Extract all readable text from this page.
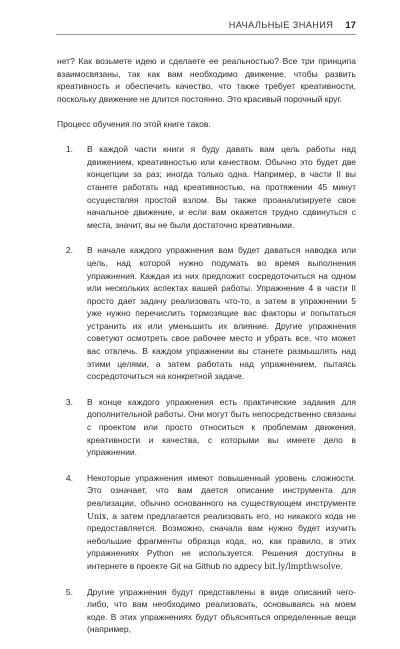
НАЧАЛЬНЫЕ ЗНАНИЯ 17

нет? Как возьмете идею и сделаете ее реальностью? Все три принципа взаимосвязаны, так как вам необходимо движение, чтобы развить креативность и обеспечить качество, что также требует креативности, поскольку движение не длится постоянно. Это красивый порочный круг.

Процесс обучения по этой книге таков.

1. В каждой части книги я буду давать вам цель работы над движением, креативностью или качеством. Обычно это будет две концепции за раз; иногда только одна. Например, в части II вы станете работать над креативностью, на протяжении 45 минут осуществляя простой взлом. Вы также проанализируете свое начальное движение, и если вам окажется трудно сдвинуться с места, значит, вы не были достаточно креативными.
2. В начале каждого упражнения вам будет даваться наводка или цель, над которой нужно подумать во время выполнения упражнения. Каждая из них предложит сосредоточиться на одном или нескольких аспектах вашей работы. Упражнение 4 в части II просто дает задачу реализовать что-то, а затем в упражнении 5 уже нужно перечислить тормозящие вас факторы и попытаться устранить их или уменьшить их влияние. Другие упражнения советуют осмотреть свое рабочее место и убрать все, что может вас отвлечь. В каждом упражнении вы станете размышлять над этими целями, а затем работать над упражнением, пытаясь сосредоточиться на конкретной задаче.
3. В конце каждого упражнения есть практические задания для дополнительной работы. Они могут быть непосредственно связаны с проектом или просто относиться к проблемам движения, креативности и качества, с которыми вы имеете дело в упражнении.
4. Некоторые упражнения имеют повышенный уровень сложности. Это означает, что вам дается описание инструмента для реализации, обычно основанного на существующем инструменте Unix, а затем предлагается реализовать его, но никакого кода не предоставляется. Возможно, сначала вам нужно будет изучить небольшие фрагменты образца кода, но, как правило, в этих упражнениях Python не используется. Решения доступны в интернете в проекте Git на Github по адресу bit.ly/lmpthwsolve.
5. Другие упражнения будут представлены в виде описаний чего-либо, что вам необходимо реализовать, основываясь на моем коде. В этих упражнениях будут объясняться определенные вещи (например,
